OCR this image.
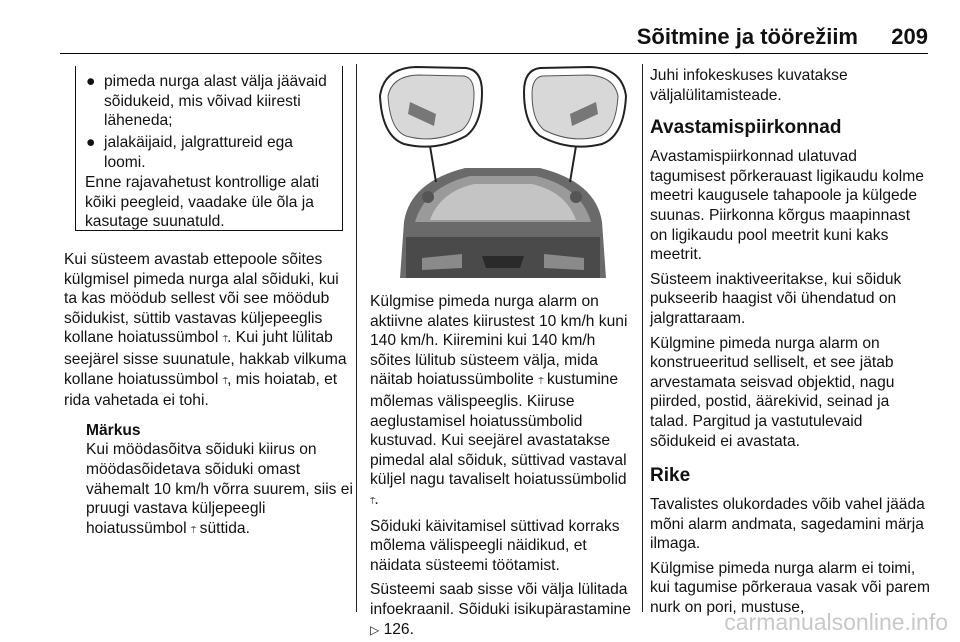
Sõitmine ja töörežiim 209
● pimeda nurga alast välja jäävaid sõidukeid, mis võivad kiiresti läheneda;
● jalakäijaid, jalgrattureid ega loomi.
Enne rajavahetust kontrollige alati kõiki peegleid, vaadake üle õla ja kasutage suunatuld.

Kui süsteem avastab ettepoole sõites külgmisel pimeda nurga alal sõiduki, kui ta kas möödub sellest või see möödub sõidukist, süttib vastavas küljepeeglis kollane hoiatussümbol ⍑. Kui juht lülitab seejärel sisse suunatule, hakkab vilkuma kollane hoiatussümbol ⍑, mis hoiatab, et rida vahetada ei tohi.

Märkus

Kui möödasõitva sõiduki kiirus on möödasõidetava sõiduki omast vähemalt 10 km/h võrra suurem, siis ei pruugi vastava küljepeegli hoiatussümbol ⍑ süttida.

Külgmise pimeda nurga alarm on aktiivne alates kiirustest 10 km/h kuni 140 km/h. Kiiremini kui 140 km/h sõites lülitub süsteem välja, mida näitab hoiatussümbolite ⍑ kustumine mõlemas välispeeglis. Kiiruse aeglustamisel hoiatussümbolid kustuvad. Kui seejärel avastatakse pimedal alal sõiduk, süttivad vastaval küljel nagu tavaliselt hoiatussümbolid ⍑.

Sõiduki käivitamisel süttivad korraks mõlema välispeegli näidikud, et näidata süsteemi töötamist.

Süsteemi saab sisse või välja lülitada infoekraanil. Sõiduki isikupärastamine ▷ 126.

Juhi infokeskuses kuvatakse väljalülitamisteade.

Avastamispiirkonnad

Avastamispiirkonnad ulatuvad tagumisest põrkerauast ligikaudu kolme meetri kaugusele tahapoole ja külgede suunas. Piirkonna kõrgus maapinnast on ligikaudu pool meetrit kuni kaks meetrit.

Süsteem inaktiveeritakse, kui sõiduk pukseerib haagist või ühendatud on jalgrattaraam.

Külgmine pimeda nurga alarm on konstrueeritud selliselt, et see jätab arvestamata seisvad objektid, nagu piirded, postid, äärekivid, seinad ja talad. Pargitud ja vastutulevaid sõidukeid ei avastata.

Rike

Tavalistes olukordades võib vahel jääda mõni alarm andmata, sagedamini märja ilmaga.

Külgmise pimeda nurga alarm ei toimi, kui tagumise põrkeraua vasak või parem nurk on pori, mustuse,

carmanualsonline.info
